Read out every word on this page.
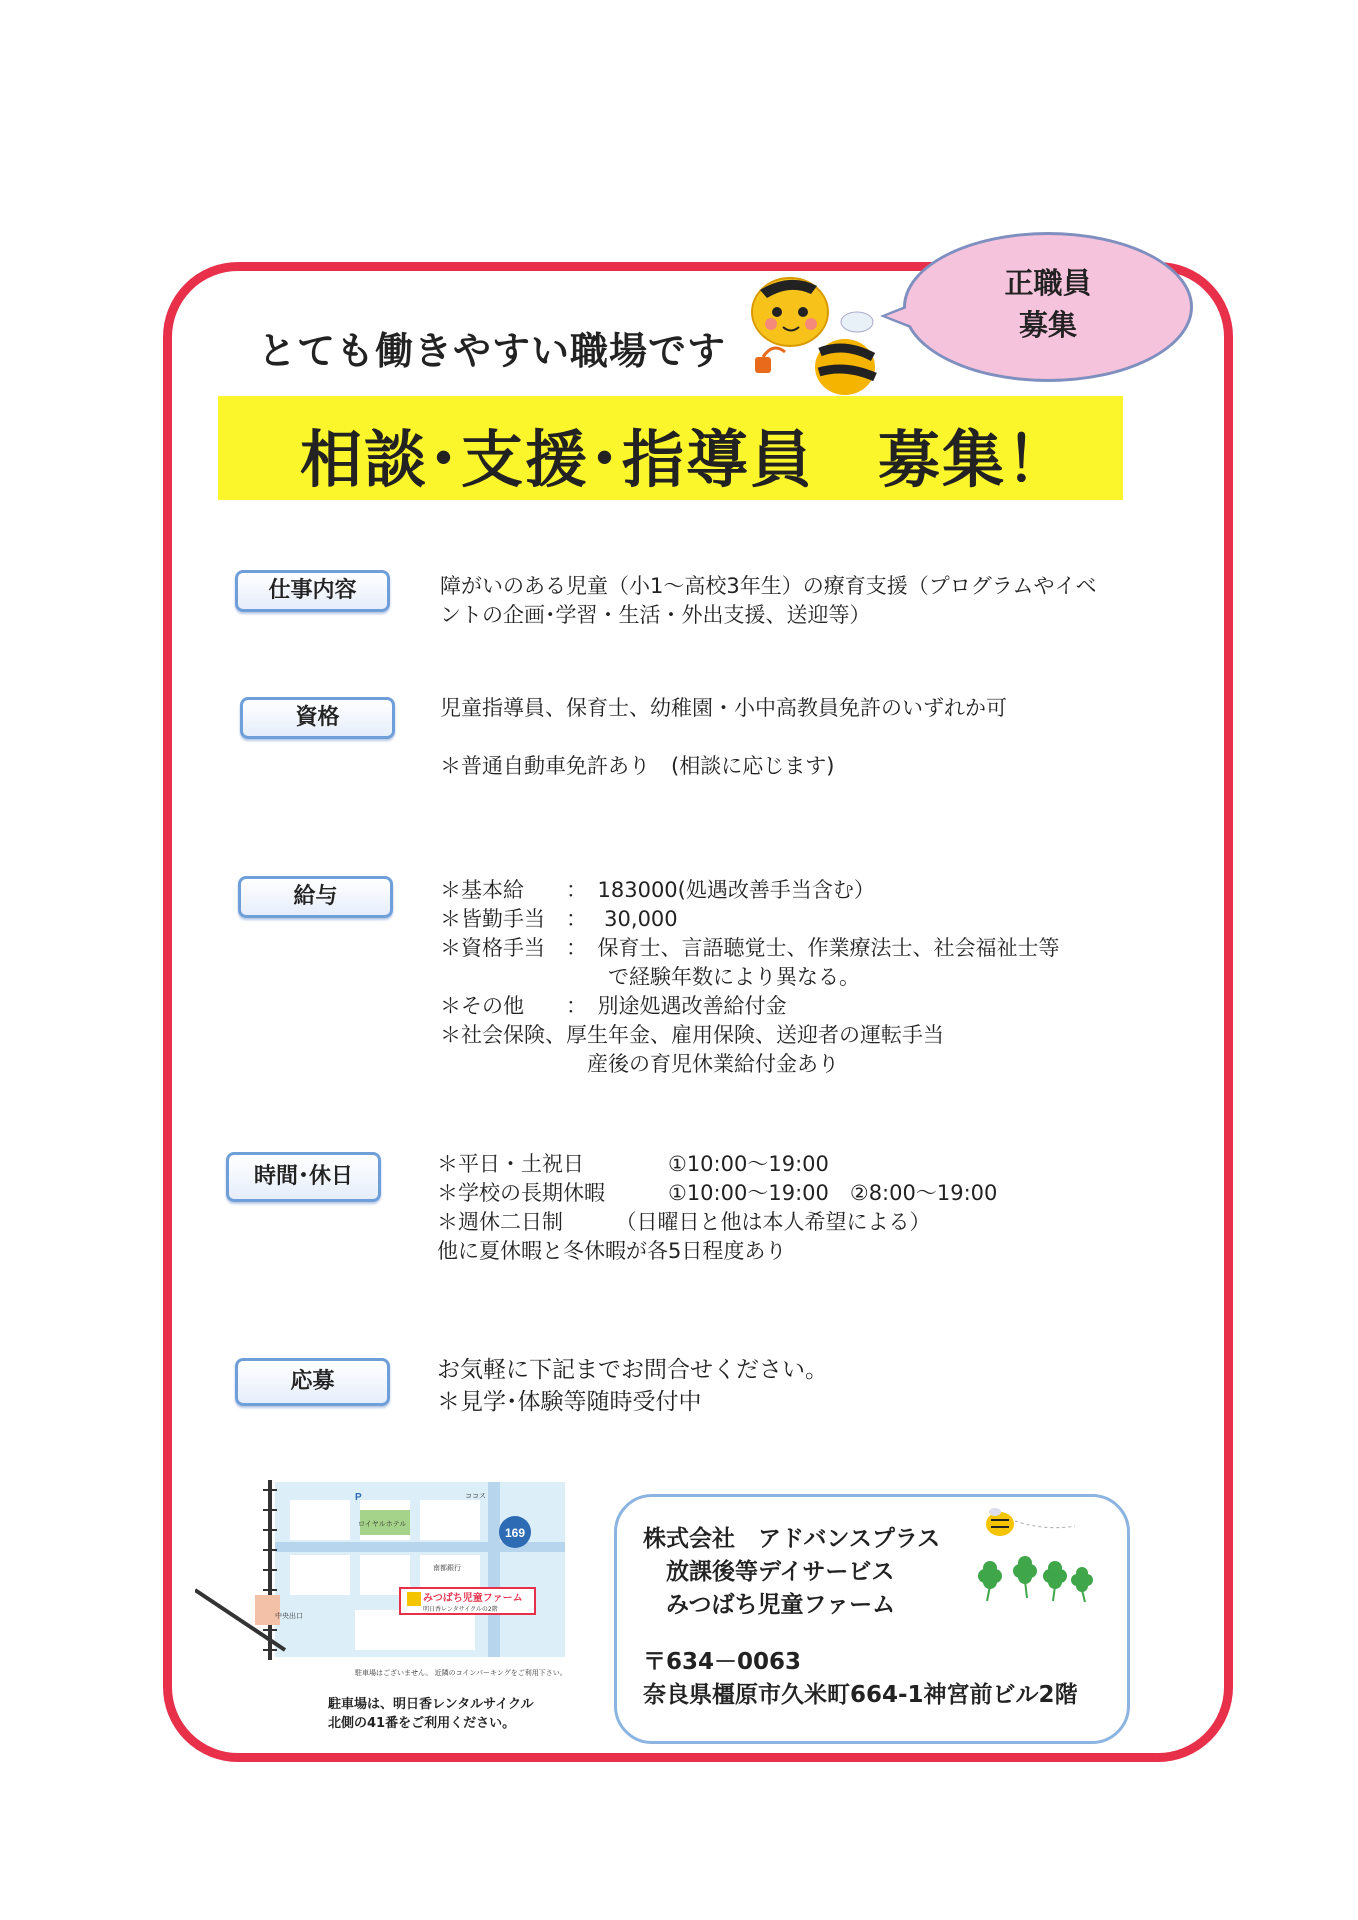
正職員
募集
とても働きやすい職場です
相談･支援･指導員　募集！
仕事内容	障がいのある児童（小1～高校3年生）の療育支援（プログラムやイベ
ントの企画･学習・生活・外出支援、送迎等）
資格	児童指導員、保育士、幼稚園・小中高教員免許のいずれか可

＊普通自動車免許あり　(相談に応じます)
給与	＊基本給　　：　183000(処遇改善手当含む）
＊皆勤手当　：　 30,000
＊資格手当　：　保育士、言語聴覚士、作業療法士、社会福祉士等
　　　　　　　　で経験年数により異なる。
＊その他　　：　別途処遇改善給付金
＊社会保険、厚生年金、雇用保険、送迎者の運転手当
　　　　　　　産後の育児休業給付金あり
時間･休日	＊平日・土祝日　　　　①10:00～19:00
＊学校の長期休暇　　　①10:00～19:00　②8:00～19:00
＊週休二日制　　　（日曜日と他は本人希望による）
他に夏休暇と冬休暇が各5日程度あり
応募	お気軽に下記までお問合せください。
＊見学･体験等随時受付中
169
みつばち児童ファーム
明日香レンタサイクルの2階
ココス
南都銀行
ロイヤルホテル
中央出口
駐車場はございません。 近隣のコインパーキングをご利用下さい。
P
駐車場は、明日香レンタルサイクル
北側の41番をご利用ください。
株式会社　アドバンスプラス
　放課後等デイサービス
　みつばち児童ファーム
〒634－0063
奈良県橿原市久米町664-1神宮前ビル2階
